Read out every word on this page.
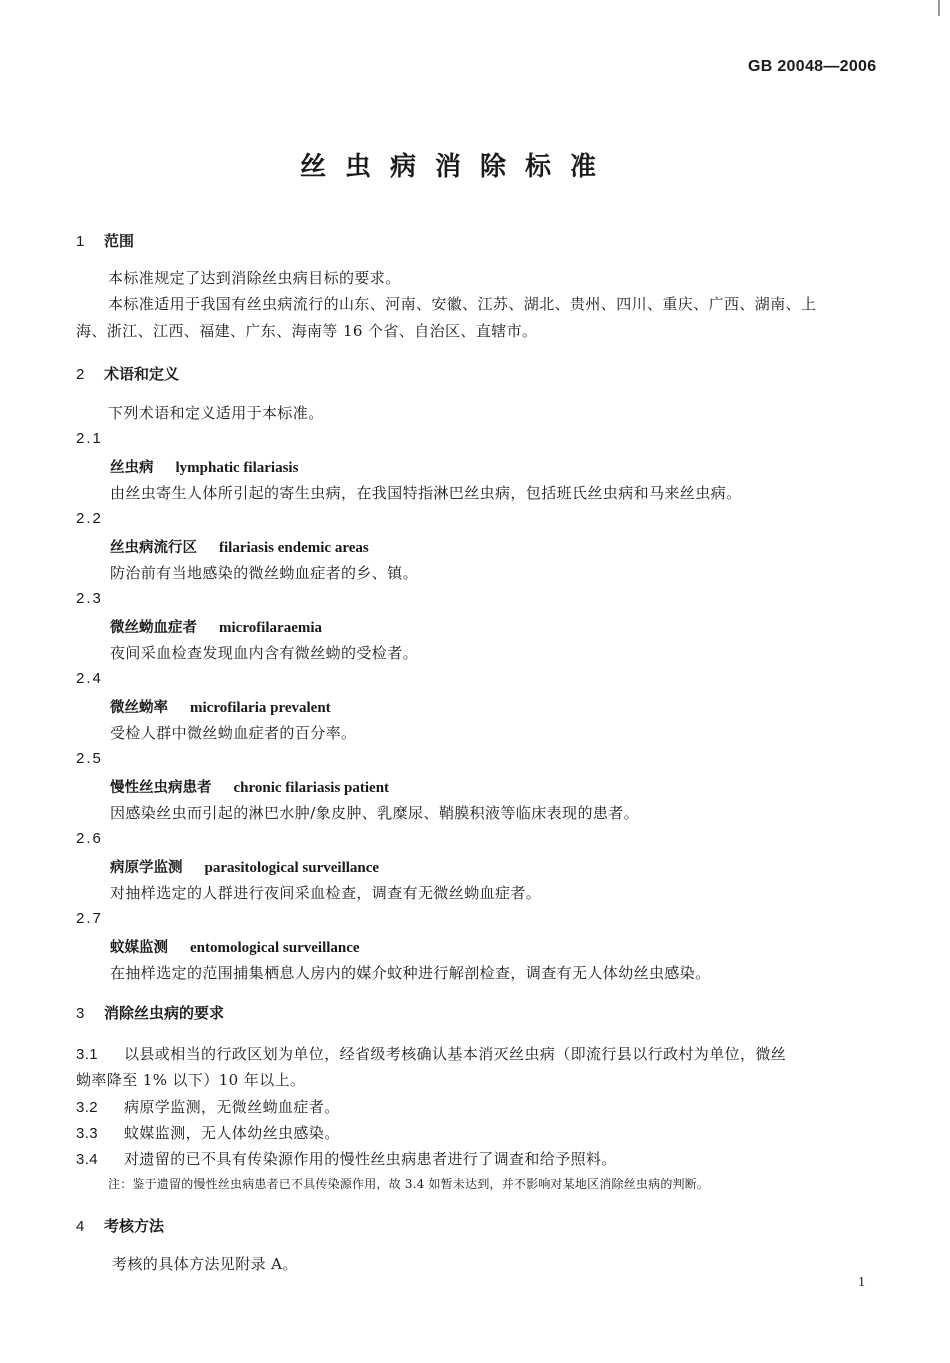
GB 20048—2006
丝虫病消除标准
1 范围
本标准规定了达到消除丝虫病目标的要求。
本标准适用于我国有丝虫病流行的山东、河南、安徽、江苏、湖北、贵州、四川、重庆、广西、湖南、上
海、浙江、江西、福建、广东、海南等 16 个省、自治区、直辖市。
2 术语和定义
下列术语和定义适用于本标准。
2.1
丝虫病 lymphatic filariasis
由丝虫寄生人体所引起的寄生虫病，在我国特指淋巴丝虫病，包括班氏丝虫病和马来丝虫病。
2.2
丝虫病流行区 filariasis endemic areas
防治前有当地感染的微丝蚴血症者的乡、镇。
2.3
微丝蚴血症者 microfilaraemia
夜间采血检查发现血内含有微丝蚴的受检者。
2.4
微丝蚴率 microfilaria prevalent
受检人群中微丝蚴血症者的百分率。
2.5
慢性丝虫病患者 chronic filariasis patient
因感染丝虫而引起的淋巴水肿/象皮肿、乳糜尿、鞘膜积液等临床表现的患者。
2.6
病原学监测 parasitological surveillance
对抽样选定的人群进行夜间采血检查，调查有无微丝蚴血症者。
2.7
蚊媒监测 entomological surveillance
在抽样选定的范围捕集栖息人房内的媒介蚊种进行解剖检查，调查有无人体幼丝虫感染。
3 消除丝虫病的要求
3.1 以县或相当的行政区划为单位，经省级考核确认基本消灭丝虫病（即流行县以行政村为单位，微丝
蚴率降至 1% 以下）10 年以上。
3.2 病原学监测，无微丝蚴血症者。
3.3 蚊媒监测，无人体幼丝虫感染。
3.4 对遗留的已不具有传染源作用的慢性丝虫病患者进行了调查和给予照料。
注：鉴于遗留的慢性丝虫病患者已不具传染源作用，故 3.4 如暂未达到，并不影响对某地区消除丝虫病的判断。
4 考核方法
考核的具体方法见附录 A。
1
